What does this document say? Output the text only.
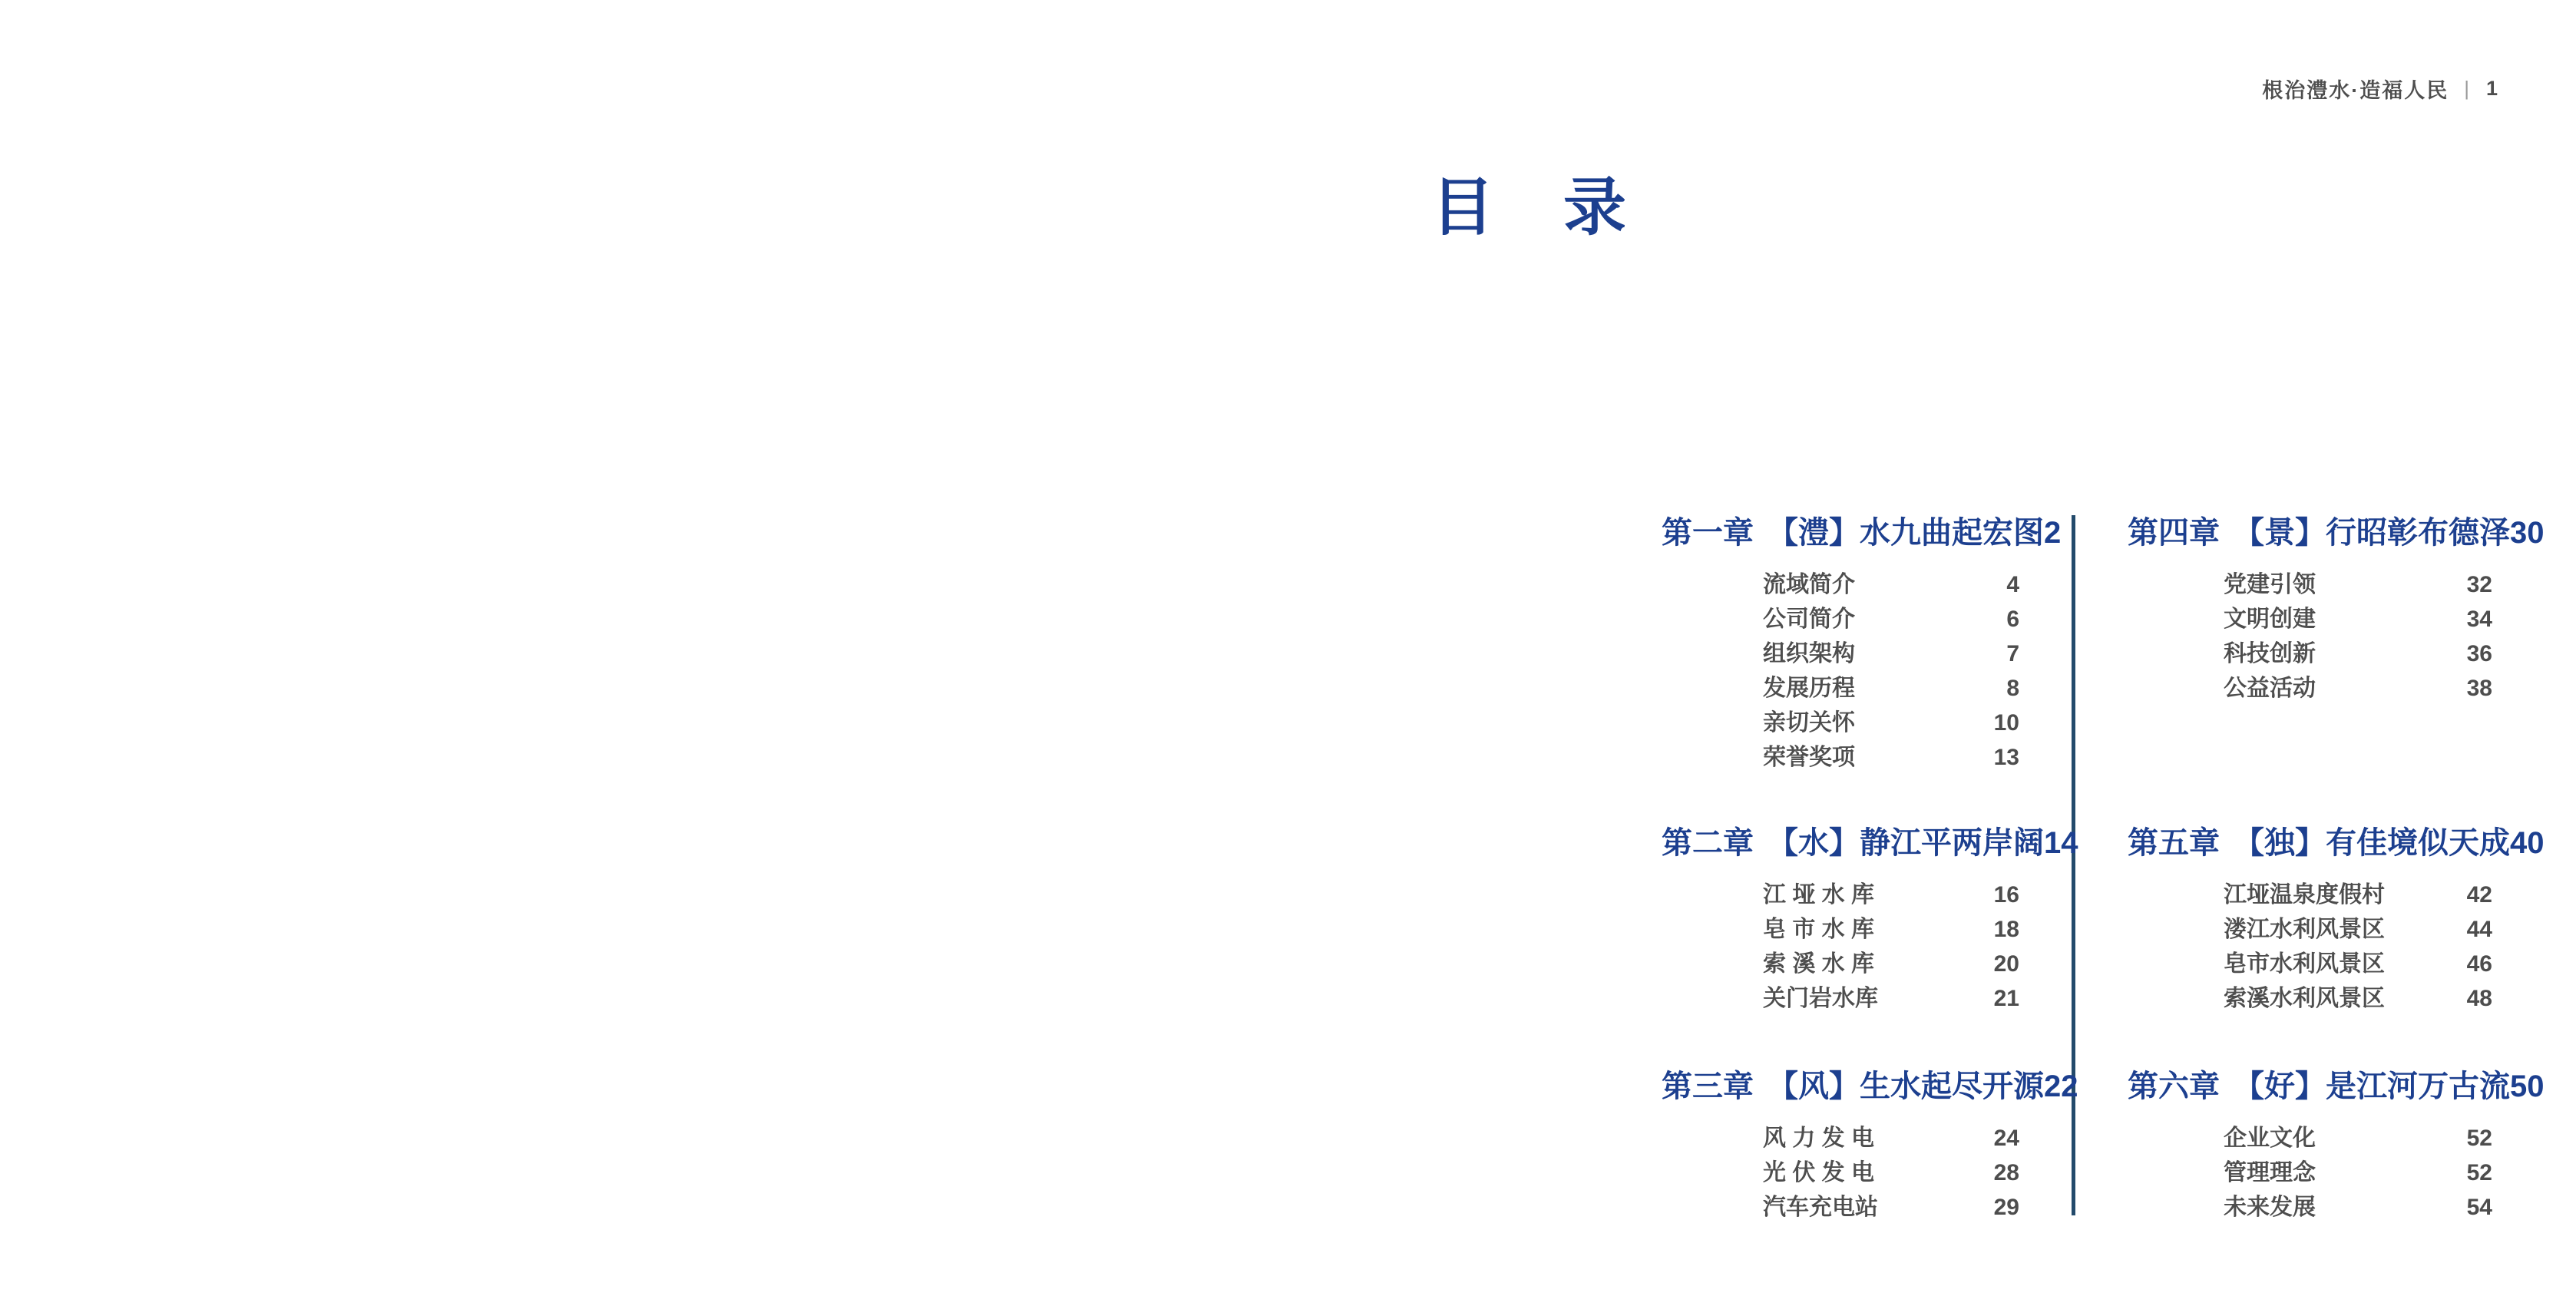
根治澧水·造福人民 | 1
目　录
第一章 【澧】水九曲起宏图 2
流域简介	4
公司简介	6
组织架构	7
发展历程	8
亲切关怀	10
荣誉奖项	13
第二章 【水】静江平两岸阔 14
江 垭 水 库	16
皂 市 水 库	18
索 溪 水 库	20
关门岩水库	21
第三章 【风】生水起尽开源 22
风 力 发 电	24
光 伏 发 电	28
汽车充电站	29
第四章 【景】行昭彰布德泽 30
党建引领	32
文明创建	34
科技创新	36
公益活动	38
第五章 【独】有佳境似天成 40
江垭温泉度假村	42
溇江水利风景区	44
皂市水利风景区	46
索溪水利风景区	48
第六章 【好】是江河万古流 50
企业文化	52
管理理念	52
未来发展	54
